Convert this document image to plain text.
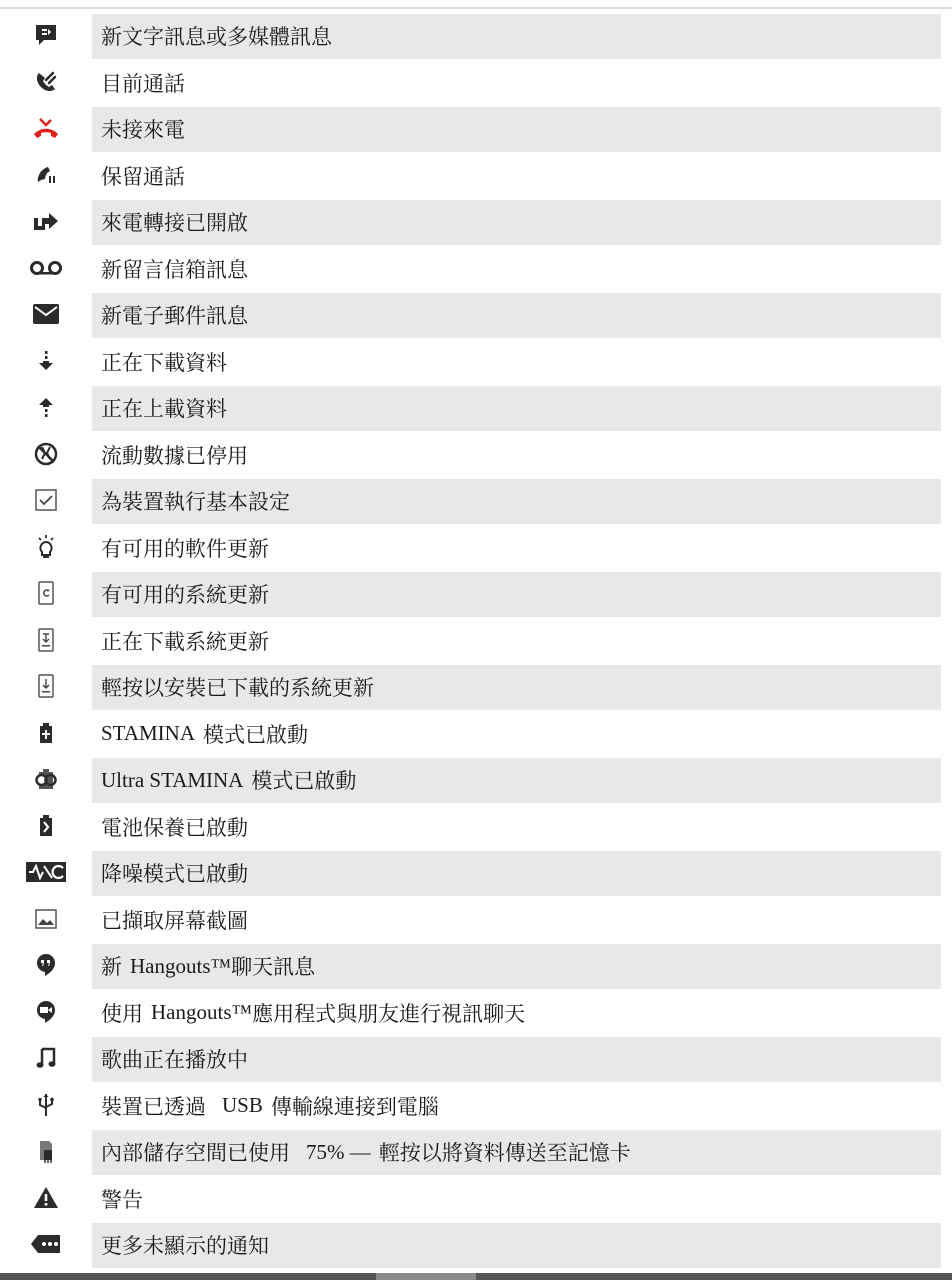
新文字訊息或多媒體訊息
目前通話
未接來電
保留通話
來電轉接已開啟
新留言信箱訊息
新電子郵件訊息
正在下載資料
正在上載資料
流動數據已停用
為裝置執行基本設定
有可用的軟件更新
有可用的系統更新
正在下載系統更新
輕按以安裝已下載的系統更新
STAMINA 模式已啟動
Ultra STAMINA 模式已啟動
電池保養已啟動
降噪模式已啟動
已擷取屏幕截圖
新 Hangouts™ 聊天訊息
使用 Hangouts™ 應用程式與朋友進行視訊聊天
歌曲正在播放中
裝置已透過 USB 傳輸線連接到電腦
內部儲存空間已使用 75% — 輕按以將資料傳送至記憶卡
警告
更多未顯示的通知
